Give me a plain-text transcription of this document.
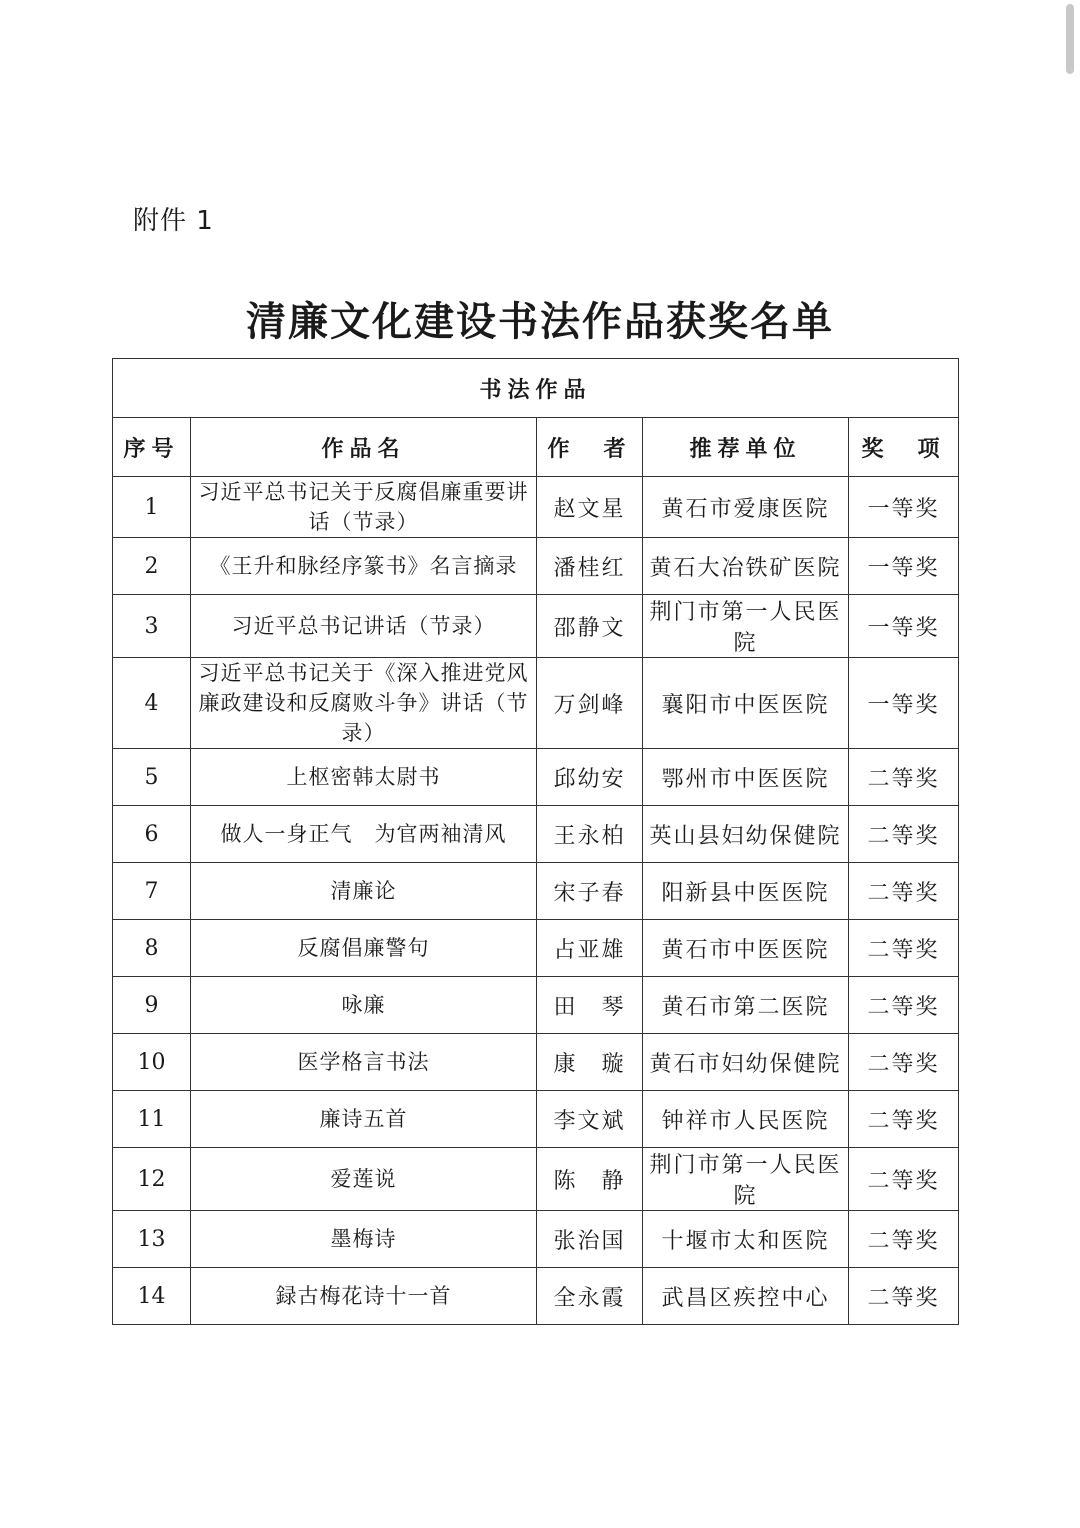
附件 1
清廉文化建设书法作品获奖名单
书法作品				
序号	作品名	作　者	推荐单位	奖　项
1	习近平总书记关于反腐倡廉重要讲话（节录）	赵文星	黄石市爱康医院	一等奖
2	《王升和脉经序篆书》名言摘录	潘桂红	黄石大冶铁矿医院	一等奖
3	习近平总书记讲话（节录）	邵静文	荆门市第一人民医院	一等奖
4	习近平总书记关于《深入推进党风廉政建设和反腐败斗争》讲话（节录）	万剑峰	襄阳市中医医院	一等奖
5	上枢密韩太尉书	邱幼安	鄂州市中医医院	二等奖
6	做人一身正气　为官两袖清风	王永柏	英山县妇幼保健院	二等奖
7	清廉论	宋子春	阳新县中医医院	二等奖
8	反腐倡廉警句	占亚雄	黄石市中医医院	二等奖
9	咏廉	田　琴	黄石市第二医院	二等奖
10	医学格言书法	康　璇	黄石市妇幼保健院	二等奖
11	廉诗五首	李文斌	钟祥市人民医院	二等奖
12	爱莲说	陈　静	荆门市第一人民医院	二等奖
13	墨梅诗	张治国	十堰市太和医院	二等奖
14	録古梅花诗十一首	全永霞	武昌区疾控中心	二等奖
